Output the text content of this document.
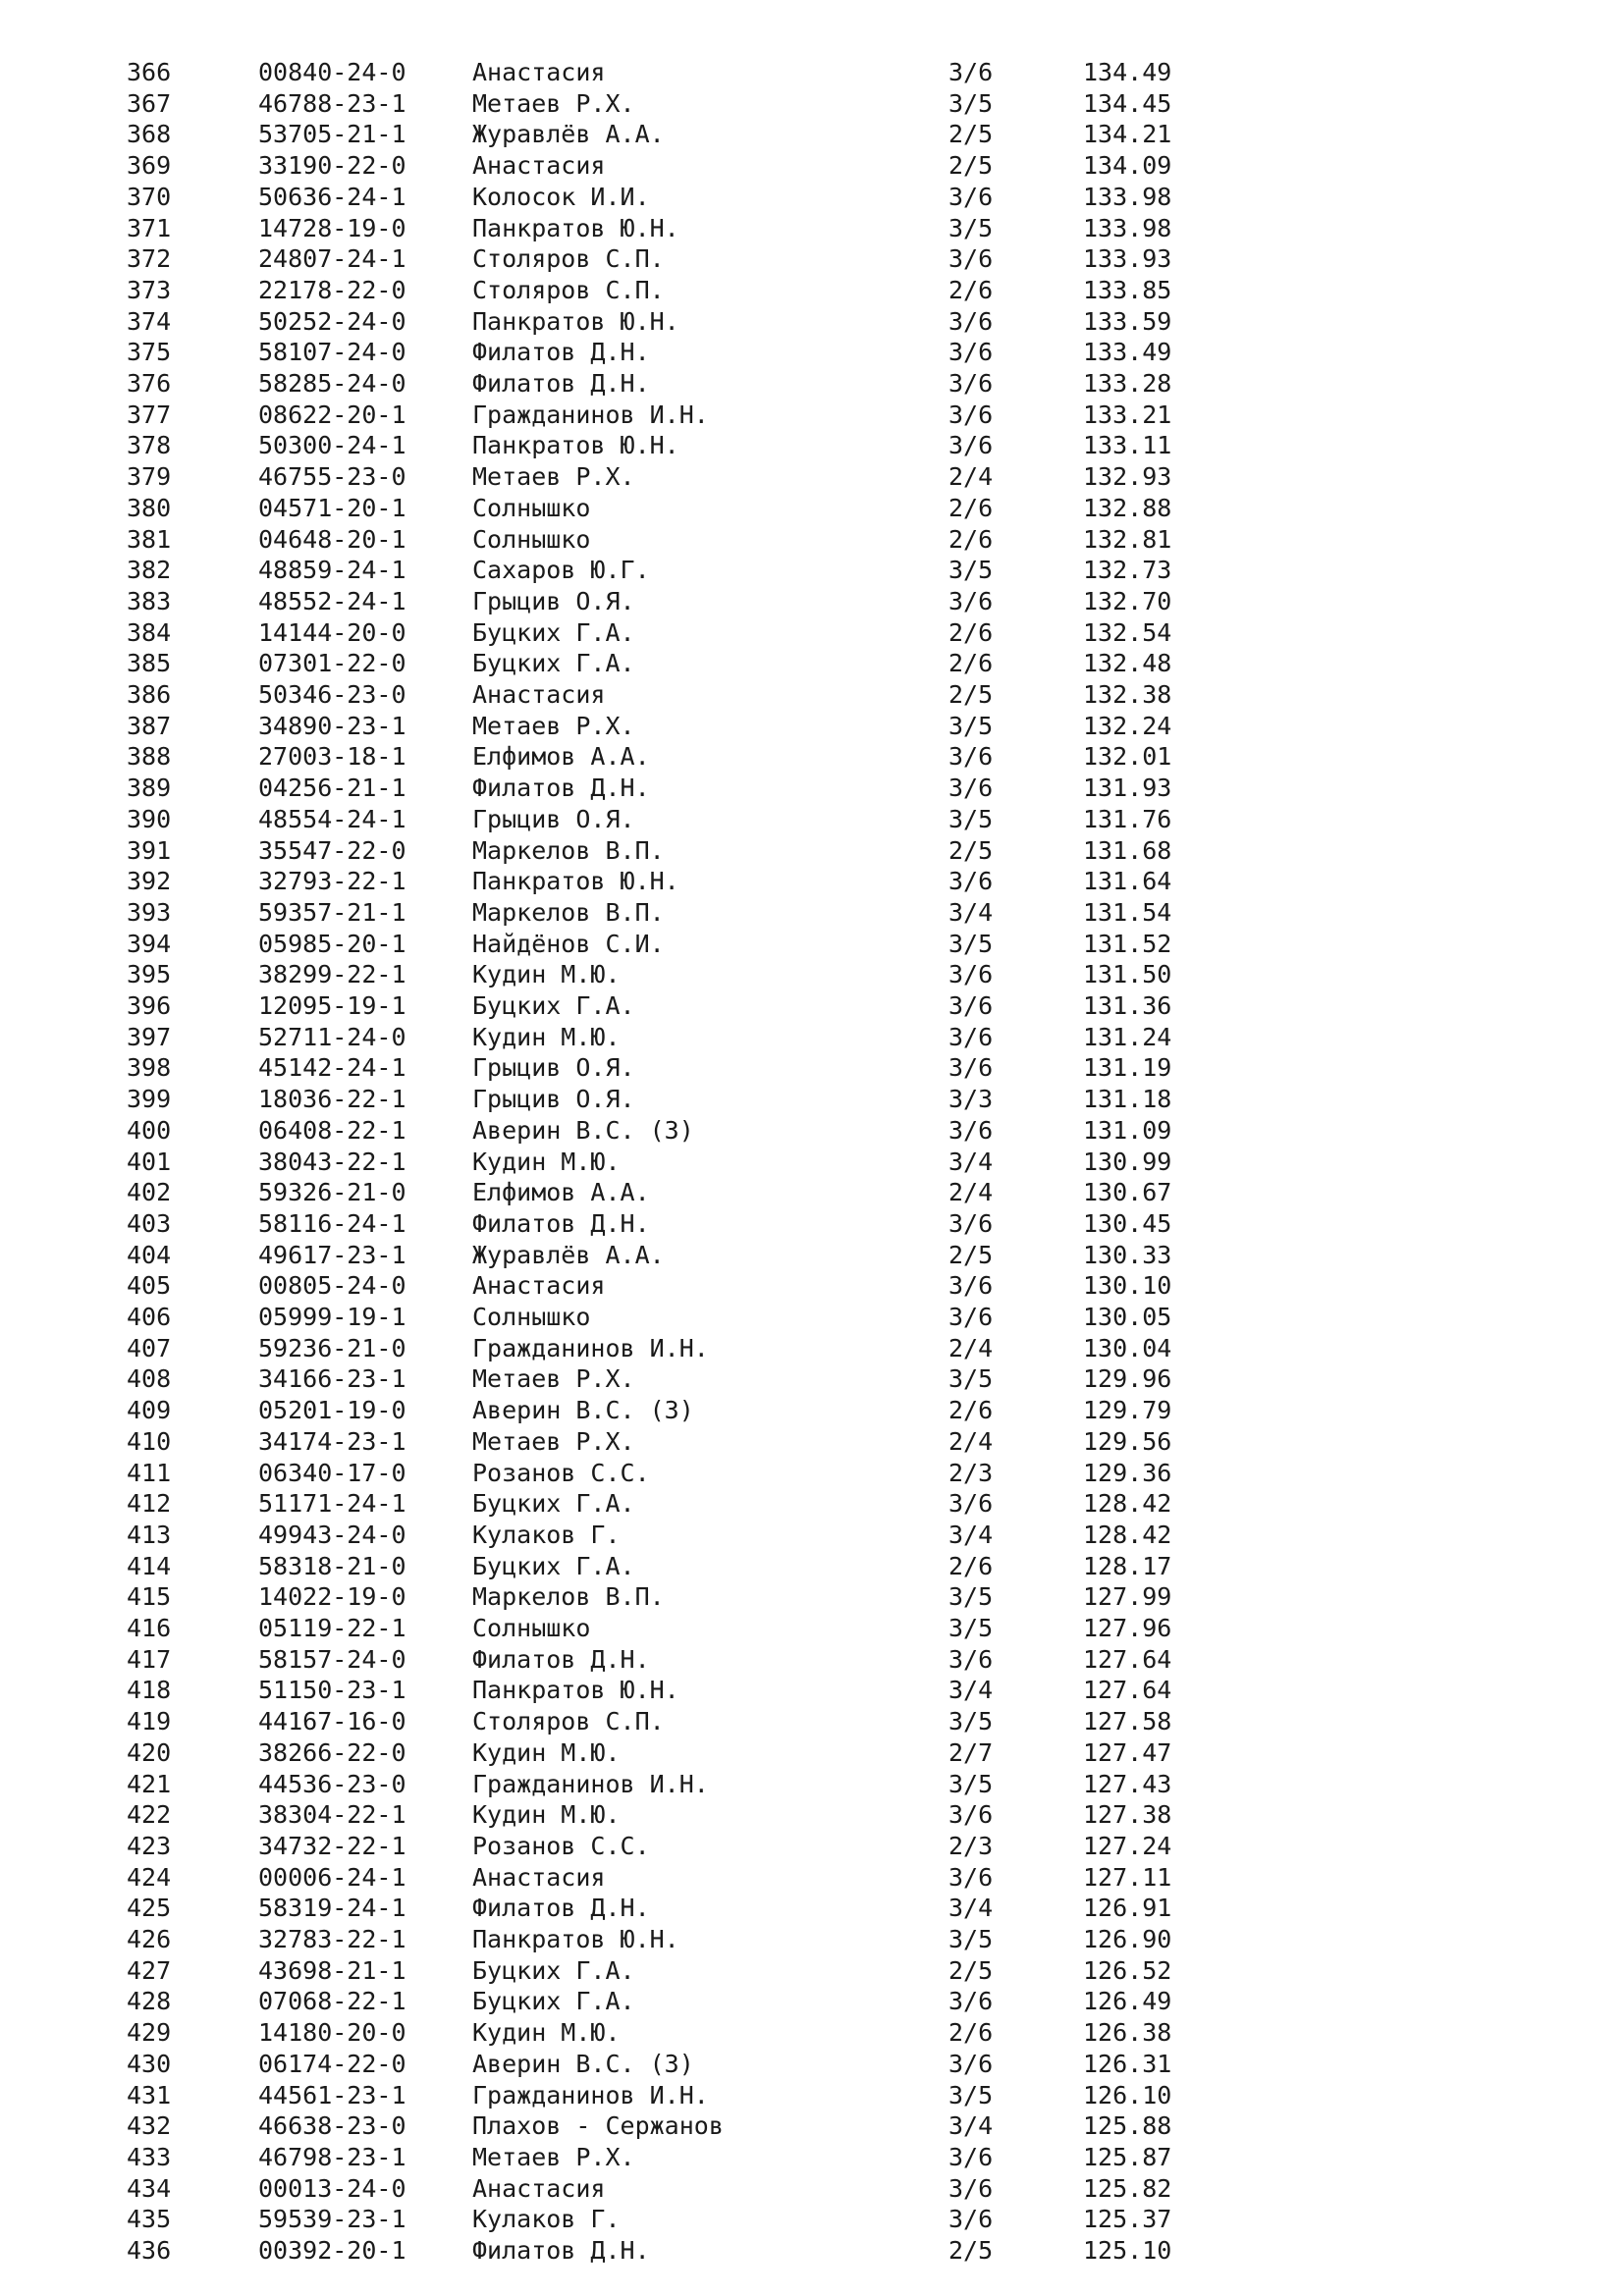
366	00840-24-0	Анастасия	3/6	134.49
367	46788-23-1	Метаев Р.Х.	3/5	134.45
368	53705-21-1	Журавлёв А.А.	2/5	134.21
369	33190-22-0	Анастасия	2/5	134.09
370	50636-24-1	Колосок И.И.	3/6	133.98
371	14728-19-0	Панкратов Ю.Н.	3/5	133.98
372	24807-24-1	Столяров С.П.	3/6	133.93
373	22178-22-0	Столяров С.П.	2/6	133.85
374	50252-24-0	Панкратов Ю.Н.	3/6	133.59
375	58107-24-0	Филатов Д.Н.	3/6	133.49
376	58285-24-0	Филатов Д.Н.	3/6	133.28
377	08622-20-1	Гражданинов И.Н.	3/6	133.21
378	50300-24-1	Панкратов Ю.Н.	3/6	133.11
379	46755-23-0	Метаев Р.Х.	2/4	132.93
380	04571-20-1	Солнышко	2/6	132.88
381	04648-20-1	Солнышко	2/6	132.81
382	48859-24-1	Сахаров Ю.Г.	3/5	132.73
383	48552-24-1	Грыцив О.Я.	3/6	132.70
384	14144-20-0	Буцких Г.А.	2/6	132.54
385	07301-22-0	Буцких Г.А.	2/6	132.48
386	50346-23-0	Анастасия	2/5	132.38
387	34890-23-1	Метаев Р.Х.	3/5	132.24
388	27003-18-1	Елфимов А.А.	3/6	132.01
389	04256-21-1	Филатов Д.Н.	3/6	131.93
390	48554-24-1	Грыцив О.Я.	3/5	131.76
391	35547-22-0	Маркелов В.П.	2/5	131.68
392	32793-22-1	Панкратов Ю.Н.	3/6	131.64
393	59357-21-1	Маркелов В.П.	3/4	131.54
394	05985-20-1	Найдёнов С.И.	3/5	131.52
395	38299-22-1	Кудин М.Ю.	3/6	131.50
396	12095-19-1	Буцких Г.А.	3/6	131.36
397	52711-24-0	Кудин М.Ю.	3/6	131.24
398	45142-24-1	Грыцив О.Я.	3/6	131.19
399	18036-22-1	Грыцив О.Я.	3/3	131.18
400	06408-22-1	Аверин В.С. (З)	3/6	131.09
401	38043-22-1	Кудин М.Ю.	3/4	130.99
402	59326-21-0	Елфимов А.А.	2/4	130.67
403	58116-24-1	Филатов Д.Н.	3/6	130.45
404	49617-23-1	Журавлёв А.А.	2/5	130.33
405	00805-24-0	Анастасия	3/6	130.10
406	05999-19-1	Солнышко	3/6	130.05
407	59236-21-0	Гражданинов И.Н.	2/4	130.04
408	34166-23-1	Метаев Р.Х.	3/5	129.96
409	05201-19-0	Аверин В.С. (З)	2/6	129.79
410	34174-23-1	Метаев Р.Х.	2/4	129.56
411	06340-17-0	Розанов С.С.	2/3	129.36
412	51171-24-1	Буцких Г.А.	3/6	128.42
413	49943-24-0	Кулаков Г.	3/4	128.42
414	58318-21-0	Буцких Г.А.	2/6	128.17
415	14022-19-0	Маркелов В.П.	3/5	127.99
416	05119-22-1	Солнышко	3/5	127.96
417	58157-24-0	Филатов Д.Н.	3/6	127.64
418	51150-23-1	Панкратов Ю.Н.	3/4	127.64
419	44167-16-0	Столяров С.П.	3/5	127.58
420	38266-22-0	Кудин М.Ю.	2/7	127.47
421	44536-23-0	Гражданинов И.Н.	3/5	127.43
422	38304-22-1	Кудин М.Ю.	3/6	127.38
423	34732-22-1	Розанов С.С.	2/3	127.24
424	00006-24-1	Анастасия	3/6	127.11
425	58319-24-1	Филатов Д.Н.	3/4	126.91
426	32783-22-1	Панкратов Ю.Н.	3/5	126.90
427	43698-21-1	Буцких Г.А.	2/5	126.52
428	07068-22-1	Буцких Г.А.	3/6	126.49
429	14180-20-0	Кудин М.Ю.	2/6	126.38
430	06174-22-0	Аверин В.С. (З)	3/6	126.31
431	44561-23-1	Гражданинов И.Н.	3/5	126.10
432	46638-23-0	Плахов - Сержанов	3/4	125.88
433	46798-23-1	Метаев Р.Х.	3/6	125.87
434	00013-24-0	Анастасия	3/6	125.82
435	59539-23-1	Кулаков Г.	3/6	125.37
436	00392-20-1	Филатов Д.Н.	2/5	125.10
